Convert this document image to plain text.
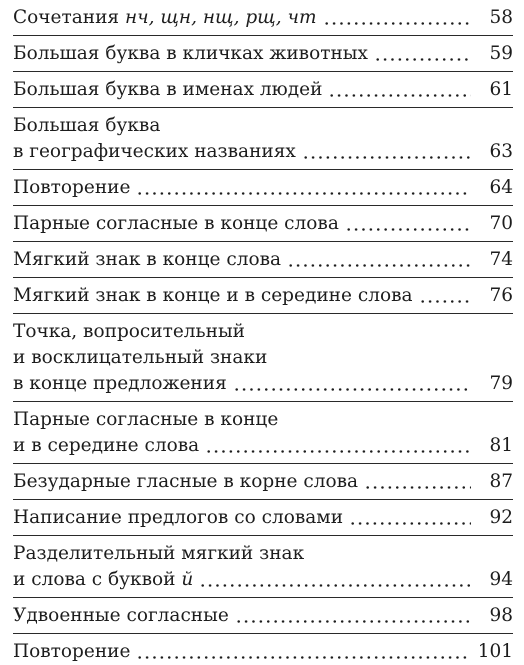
Сочетания нч, щн, нщ, рщ, чт	58
Большая буква в кличках животных	59
Большая буква в именах людей	61
Большая буква
в географических названиях	63
Повторение	64
Парные согласные в конце слова	70
Мягкий знак в конце слова	74
Мягкий знак в конце и в середине слова	76
Точка, вопросительный
и восклицательный знаки
в конце предложения	79
Парные согласные в конце
и в середине слова	81
Безударные гласные в корне слова	87
Написание предлогов со словами	92
Разделительный мягкий знак
и слова с буквой й	94
Удвоенные согласные	98
Повторение	101
